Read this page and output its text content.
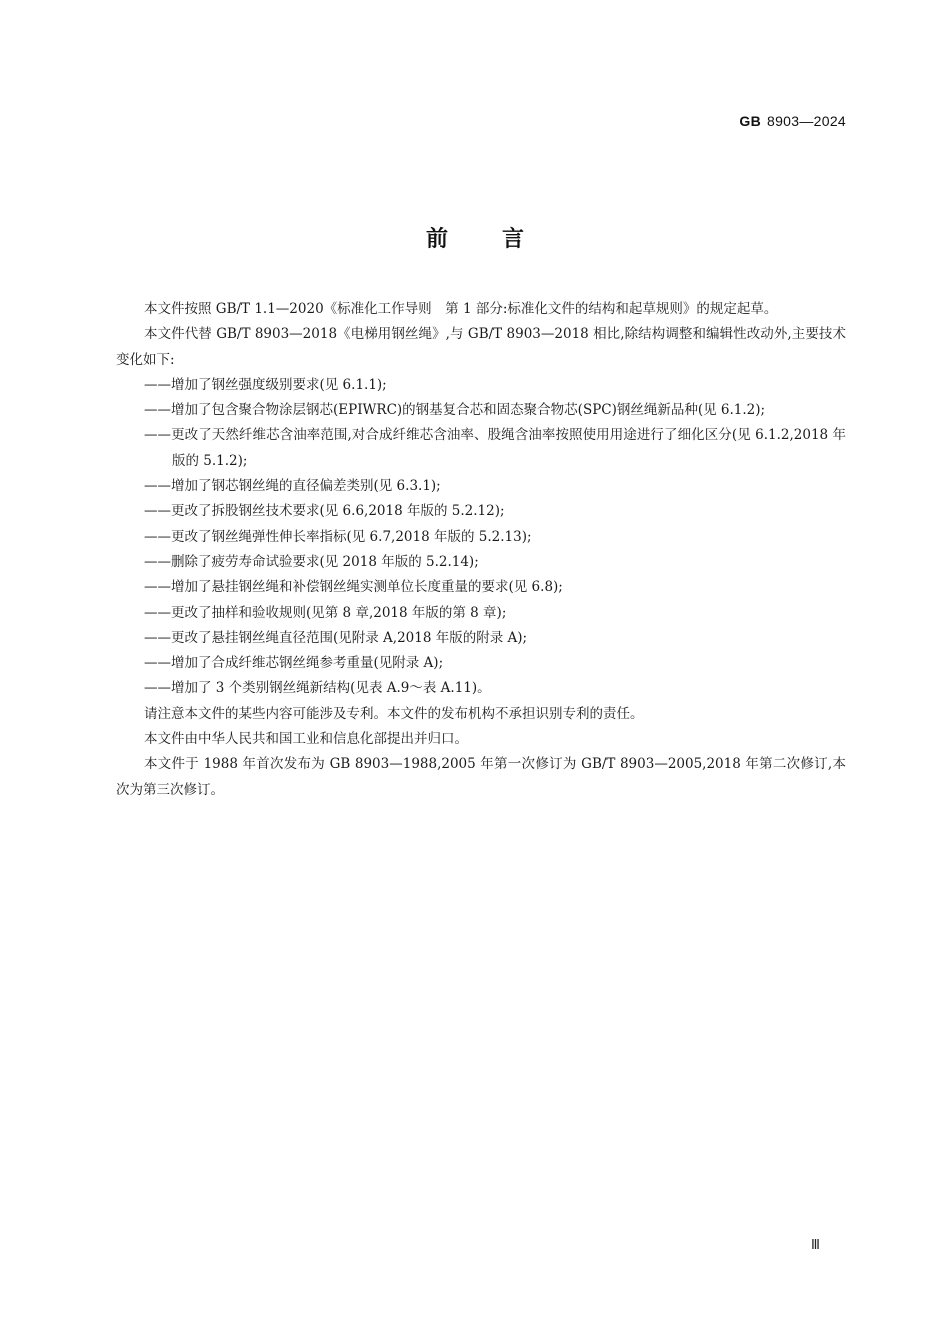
GB 8903—2024
前言

本文件按照 GB/T 1.1—2020《标准化工作导则　第 1 部分:标准化文件的结构和起草规则》的规定起草。

本文件代替 GB/T 8903—2018《电梯用钢丝绳》,与 GB/T 8903—2018 相比,除结构调整和编辑性改动外,主要技术变化如下:

——增加了钢丝强度级别要求(见 6.1.1);

——增加了包含聚合物涂层钢芯(EPIWRC)的钢基复合芯和固态聚合物芯(SPC)钢丝绳新品种(见 6.1.2);

——更改了天然纤维芯含油率范围,对合成纤维芯含油率、股绳含油率按照使用用途进行了细化区分(见 6.1.2,2018 年版的 5.1.2);

——增加了钢芯钢丝绳的直径偏差类别(见 6.3.1);

——更改了拆股钢丝技术要求(见 6.6,2018 年版的 5.2.12);

——更改了钢丝绳弹性伸长率指标(见 6.7,2018 年版的 5.2.13);

——删除了疲劳寿命试验要求(见 2018 年版的 5.2.14);

——增加了悬挂钢丝绳和补偿钢丝绳实测单位长度重量的要求(见 6.8);

——更改了抽样和验收规则(见第 8 章,2018 年版的第 8 章);

——更改了悬挂钢丝绳直径范围(见附录 A,2018 年版的附录 A);

——增加了合成纤维芯钢丝绳参考重量(见附录 A);

——增加了 3 个类别钢丝绳新结构(见表 A.9～表 A.11)。

请注意本文件的某些内容可能涉及专利。本文件的发布机构不承担识别专利的责任。

本文件由中华人民共和国工业和信息化部提出并归口。

本文件于 1988 年首次发布为 GB 8903—1988,2005 年第一次修订为 GB/T 8903—2005,2018 年第二次修订,本次为第三次修订。

Ⅲ
